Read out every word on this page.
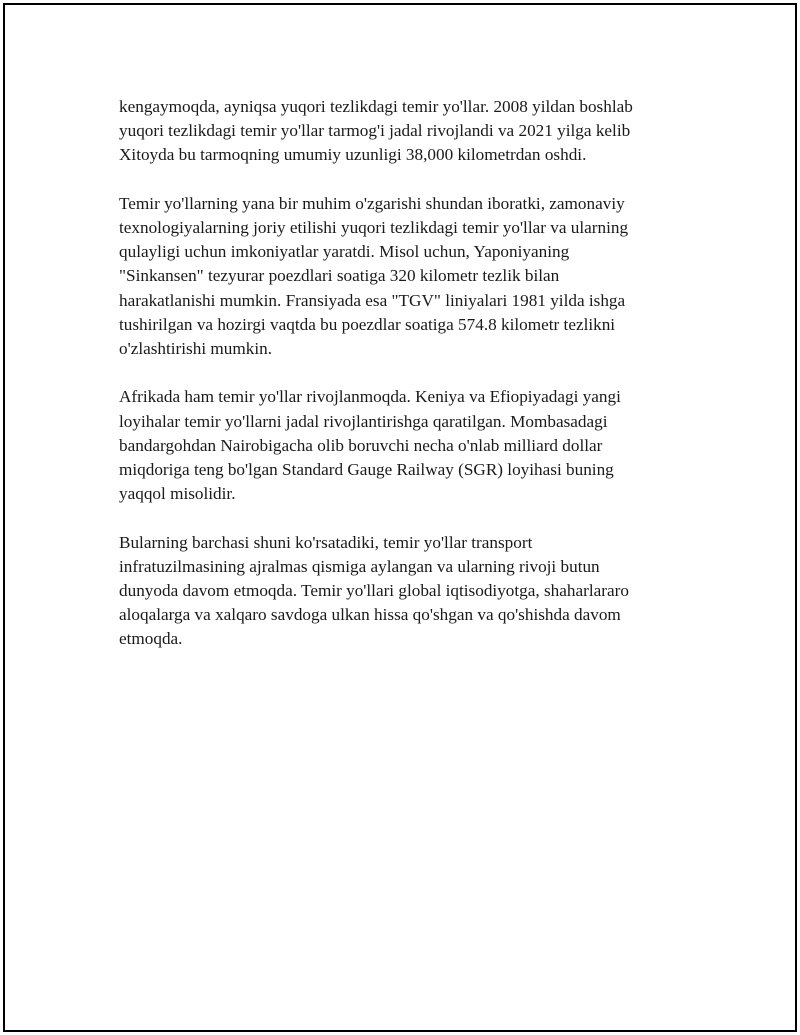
kengaymoqda, ayniqsa yuqori tezlikdagi temir yo'llar. 2008 yildan boshlab
yuqori tezlikdagi temir yo'llar tarmog'i jadal rivojlandi va 2021 yilga kelib
Xitoyda bu tarmoqning umumiy uzunligi 38,000 kilometrdan oshdi.

Temir yo'llarning yana bir muhim o'zgarishi shundan iboratki, zamonaviy
texnologiyalarning joriy etilishi yuqori tezlikdagi temir yo'llar va ularning
qulayligi uchun imkoniyatlar yaratdi. Misol uchun, Yaponiyaning
"Sinkansen" tezyurar poezdlari soatiga 320 kilometr tezlik bilan
harakatlanishi mumkin. Fransiyada esa "TGV" liniyalari 1981 yilda ishga
tushirilgan va hozirgi vaqtda bu poezdlar soatiga 574.8 kilometr tezlikni
o'zlashtirishi mumkin.

Afrikada ham temir yo'llar rivojlanmoqda. Keniya va Efiopiyadagi yangi
loyihalar temir yo'llarni jadal rivojlantirishga qaratilgan. Mombasadagi
bandargohdan Nairobigacha olib boruvchi necha o'nlab milliard dollar
miqdoriga teng bo'lgan Standard Gauge Railway (SGR) loyihasi buning
yaqqol misolidir.

Bularning barchasi shuni ko'rsatadiki, temir yo'llar transport
infratuzilmasining ajralmas qismiga aylangan va ularning rivoji butun
dunyoda davom etmoqda. Temir yo'llari global iqtisodiyotga, shaharlararo
aloqalarga va xalqaro savdoga ulkan hissa qo'shgan va qo'shishda davom
etmoqda.
